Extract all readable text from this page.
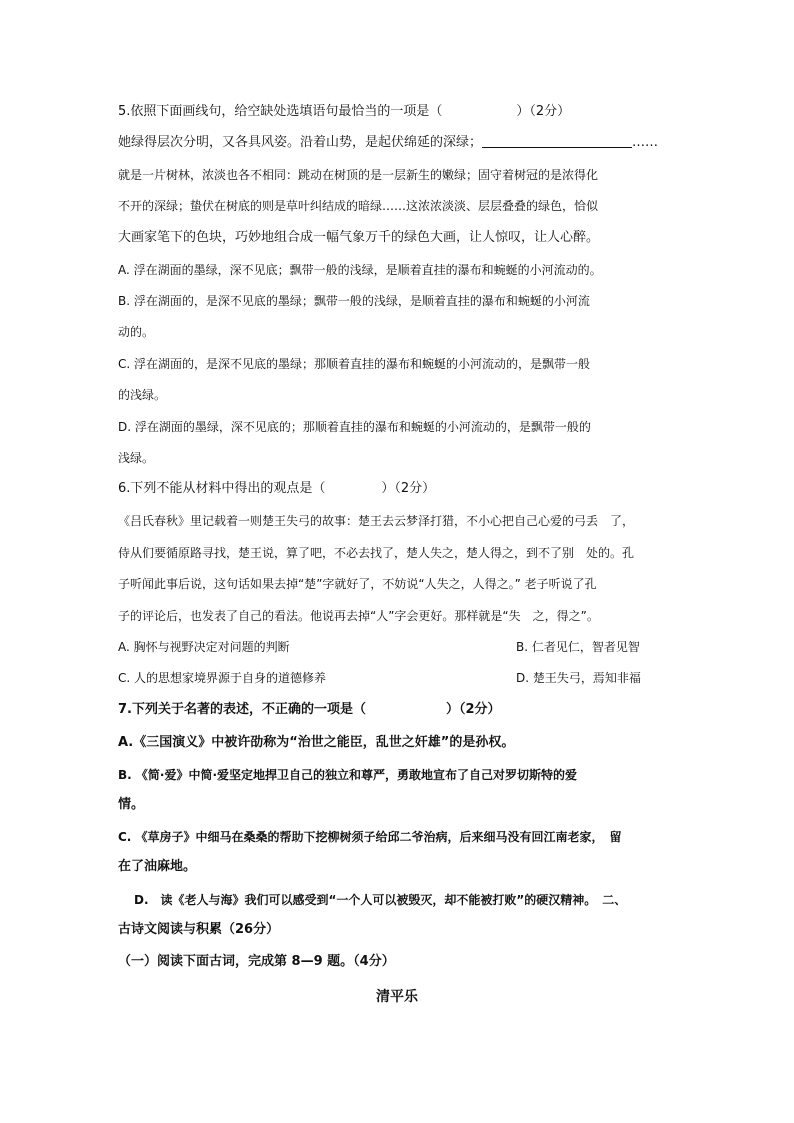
5.依照下面画线句，给空缺处选填语句最恰当的一项是（	）（2分）
她绿得层次分明，又各具风姿。沿着山势，是起伏绵延的深绿；	……
就是一片树林，浓淡也各不相同：跳动在树顶的是一层新生的嫩绿；固守着树冠的是浓得化
不开的深绿；蛰伏在树底的则是草叶纠结成的暗绿……这浓浓淡淡、层层叠叠的绿色，恰似
大画家笔下的色块，巧妙地组合成一幅气象万千的绿色大画，让人惊叹，让人心醉。
A. 浮在湖面的墨绿，深不见底；飘带一般的浅绿，是顺着直挂的瀑布和蜿蜒的小河流动的。
B. 浮在湖面的，是深不见底的墨绿；飘带一般的浅绿，是顺着直挂的瀑布和蜿蜒的小河流
动的。
C. 浮在湖面的，是深不见底的墨绿；那顺着直挂的瀑布和蜿蜒的小河流动的，是飘带一般
的浅绿。
D. 浮在湖面的墨绿，深不见底的；那顺着直挂的瀑布和蜿蜒的小河流动的，是飘带一般的
浅绿。
6.下列不能从材料中得出的观点是（	）（2分）
《吕氏春秋》里记载着一则楚王失弓的故事：楚王去云梦泽打猎，不小心把自己心爱的弓丢　了，
侍从们要循原路寻找，楚王说，算了吧，不必去找了，楚人失之，楚人得之，到不了别　处的。孔
子听闻此事后说，这句话如果去掉“楚”字就好了，不妨说“人失之，人得之。” 老子听说了孔
子的评论后，也发表了自己的看法。他说再去掉“人”字会更好。那样就是“失　之，得之”。
A. 胸怀与视野决定对问题的判断	B. 仁者见仁，智者见智
C. 人的思想家境界源于自身的道德修养	D. 楚王失弓，焉知非福
7.下列关于名著的表述，不正确的一项是（	）（2分）
A.《三国演义》中被许劭称为“治世之能臣，乱世之奸雄”的是孙权。
B. 《简·爱》中简·爱坚定地捍卫自己的独立和尊严，勇敢地宣布了自己对罗切斯特的爱
情。
C. 《草房子》中细马在桑桑的帮助下挖柳树须子给邱二爷治病，后来细马没有回江南老家，　留
在了油麻地。
D.　读《老人与海》我们可以感受到“一个人可以被毁灭，却不能被打败”的硬汉精神。　二、
古诗文阅读与积累（26分）
（一）阅读下面古词，完成第 8—9 题。（4分）
清平乐
